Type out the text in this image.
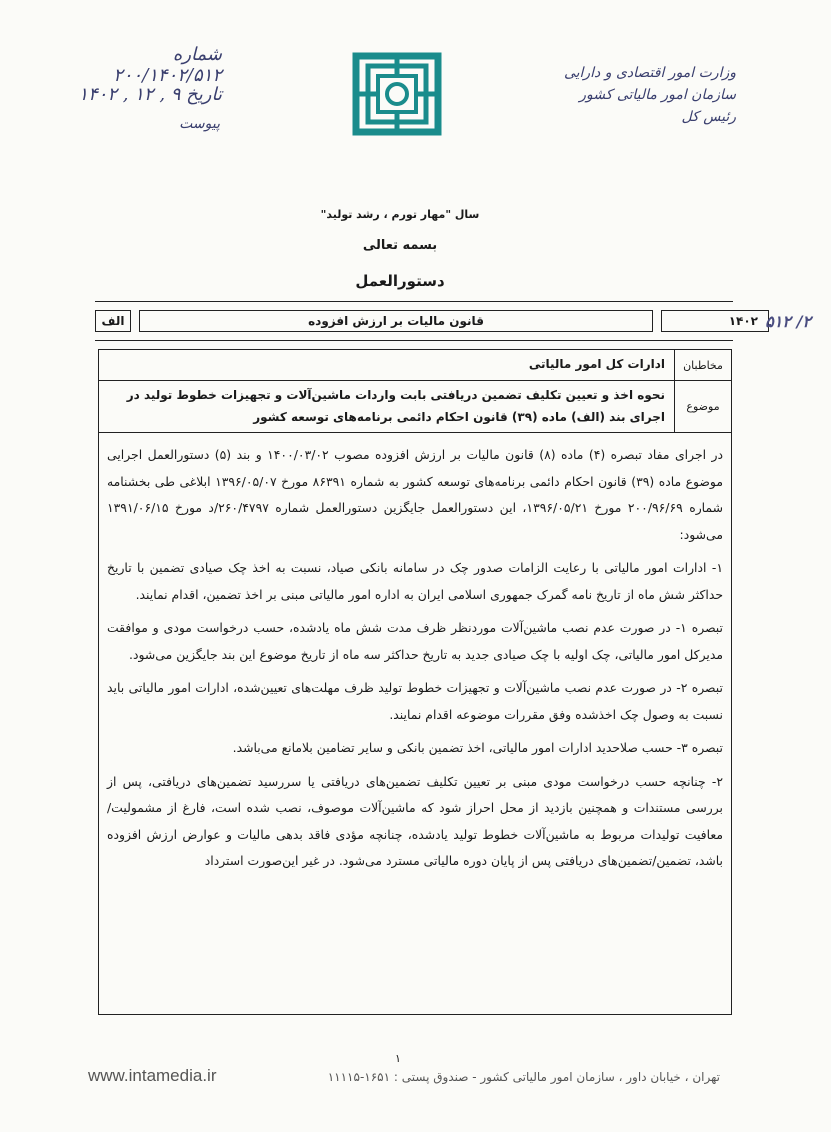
شماره ۲۰۰/۱۴۰۲/۵۱۲
تاریخ ۹ , ۱۲ , ۱۴۰۲
پیوست
وزارت امور اقتصادی و دارایی
سازمان امور مالیاتی کشور
رئیس کل
سال "مهار تورم ، رشد تولید"
بسمه تعالی
دستورالعمل
الف	قانون مالیات بر ارزش افزوده	۱۴۰۲ ۲/ ۵۱۲
مخاطبان
ادارات کل امور مالیاتی
موضوع
نحوه اخذ و تعیین تکلیف تضمین دریافتی بابت واردات ماشین‌آلات و تجهیزات خطوط تولید در اجرای بند (الف) ماده (۳۹) قانون احکام دائمی برنامه‌های توسعه کشور

در اجرای مفاد تبصره (۴) ماده (۸) قانون مالیات بر ارزش افزوده مصوب ۱۴۰۰/۰۳/۰۲ و بند (۵) دستورالعمل اجرایی موضوع ماده (۳۹) قانون احکام دائمی برنامه‌های توسعه کشور به شماره ۸۶۳۹۱ مورخ ۱۳۹۶/۰۵/۰۷ ابلاغی طی بخشنامه شماره ۲۰۰/۹۶/۶۹ مورخ ۱۳۹۶/۰۵/۲۱، این دستورالعمل جایگزین دستورالعمل شماره ۲۶۰/۴۷۹۷/د مورخ ۱۳۹۱/۰۶/۱۵ می‌شود:

۱- ادارات امور مالیاتی با رعایت الزامات صدور چک در سامانه بانکی صیاد، نسبت به اخذ چک صیادی تضمین با تاریخ حداکثر شش ماه از تاریخ نامه گمرک جمهوری اسلامی ایران به اداره امور مالیاتی مبنی بر اخذ تضمین، اقدام نمایند.

تبصره ۱- در صورت عدم نصب ماشین‌آلات موردنظر ظرف مدت شش ماه یادشده، حسب درخواست مودی و موافقت مدیرکل امور مالیاتی، چک اولیه با چک صیادی جدید به تاریخ حداکثر سه ماه از تاریخ موضوع این بند جایگزین می‌شود.

تبصره ۲- در صورت عدم نصب ماشین‌آلات و تجهیزات خطوط تولید ظرف مهلت‌های تعیین‌شده، ادارات امور مالیاتی باید نسبت به وصول چک اخذشده وفق مقررات موضوعه اقدام نمایند.

تبصره ۳- حسب صلاحدید ادارات امور مالیاتی، اخذ تضمین بانکی و سایر تضامین بلامانع می‌باشد.

۲- چنانچه حسب درخواست مودی مبنی بر تعیین تکلیف تضمین‌های دریافتی یا سررسید تضمین‌های دریافتی، پس از بررسی مستندات و همچنین بازدید از محل احراز شود که ماشین‌آلات موصوف، نصب شده است، فارغ از مشمولیت/معافیت تولیدات مربوط به ماشین‌آلات خطوط تولید یادشده، چنانچه مؤدی فاقد بدهی مالیات و عوارض ارزش افزوده باشد، تضمین/تضمین‌های دریافتی پس از پایان دوره مالیاتی مسترد می‌شود. در غیر این‌صورت استرداد

۱
تهران ، خیابان داور ، سازمان امور مالیاتی کشور - صندوق پستی : ۱۶۵۱-۱۱۱۱۵
www.intamedia.ir
